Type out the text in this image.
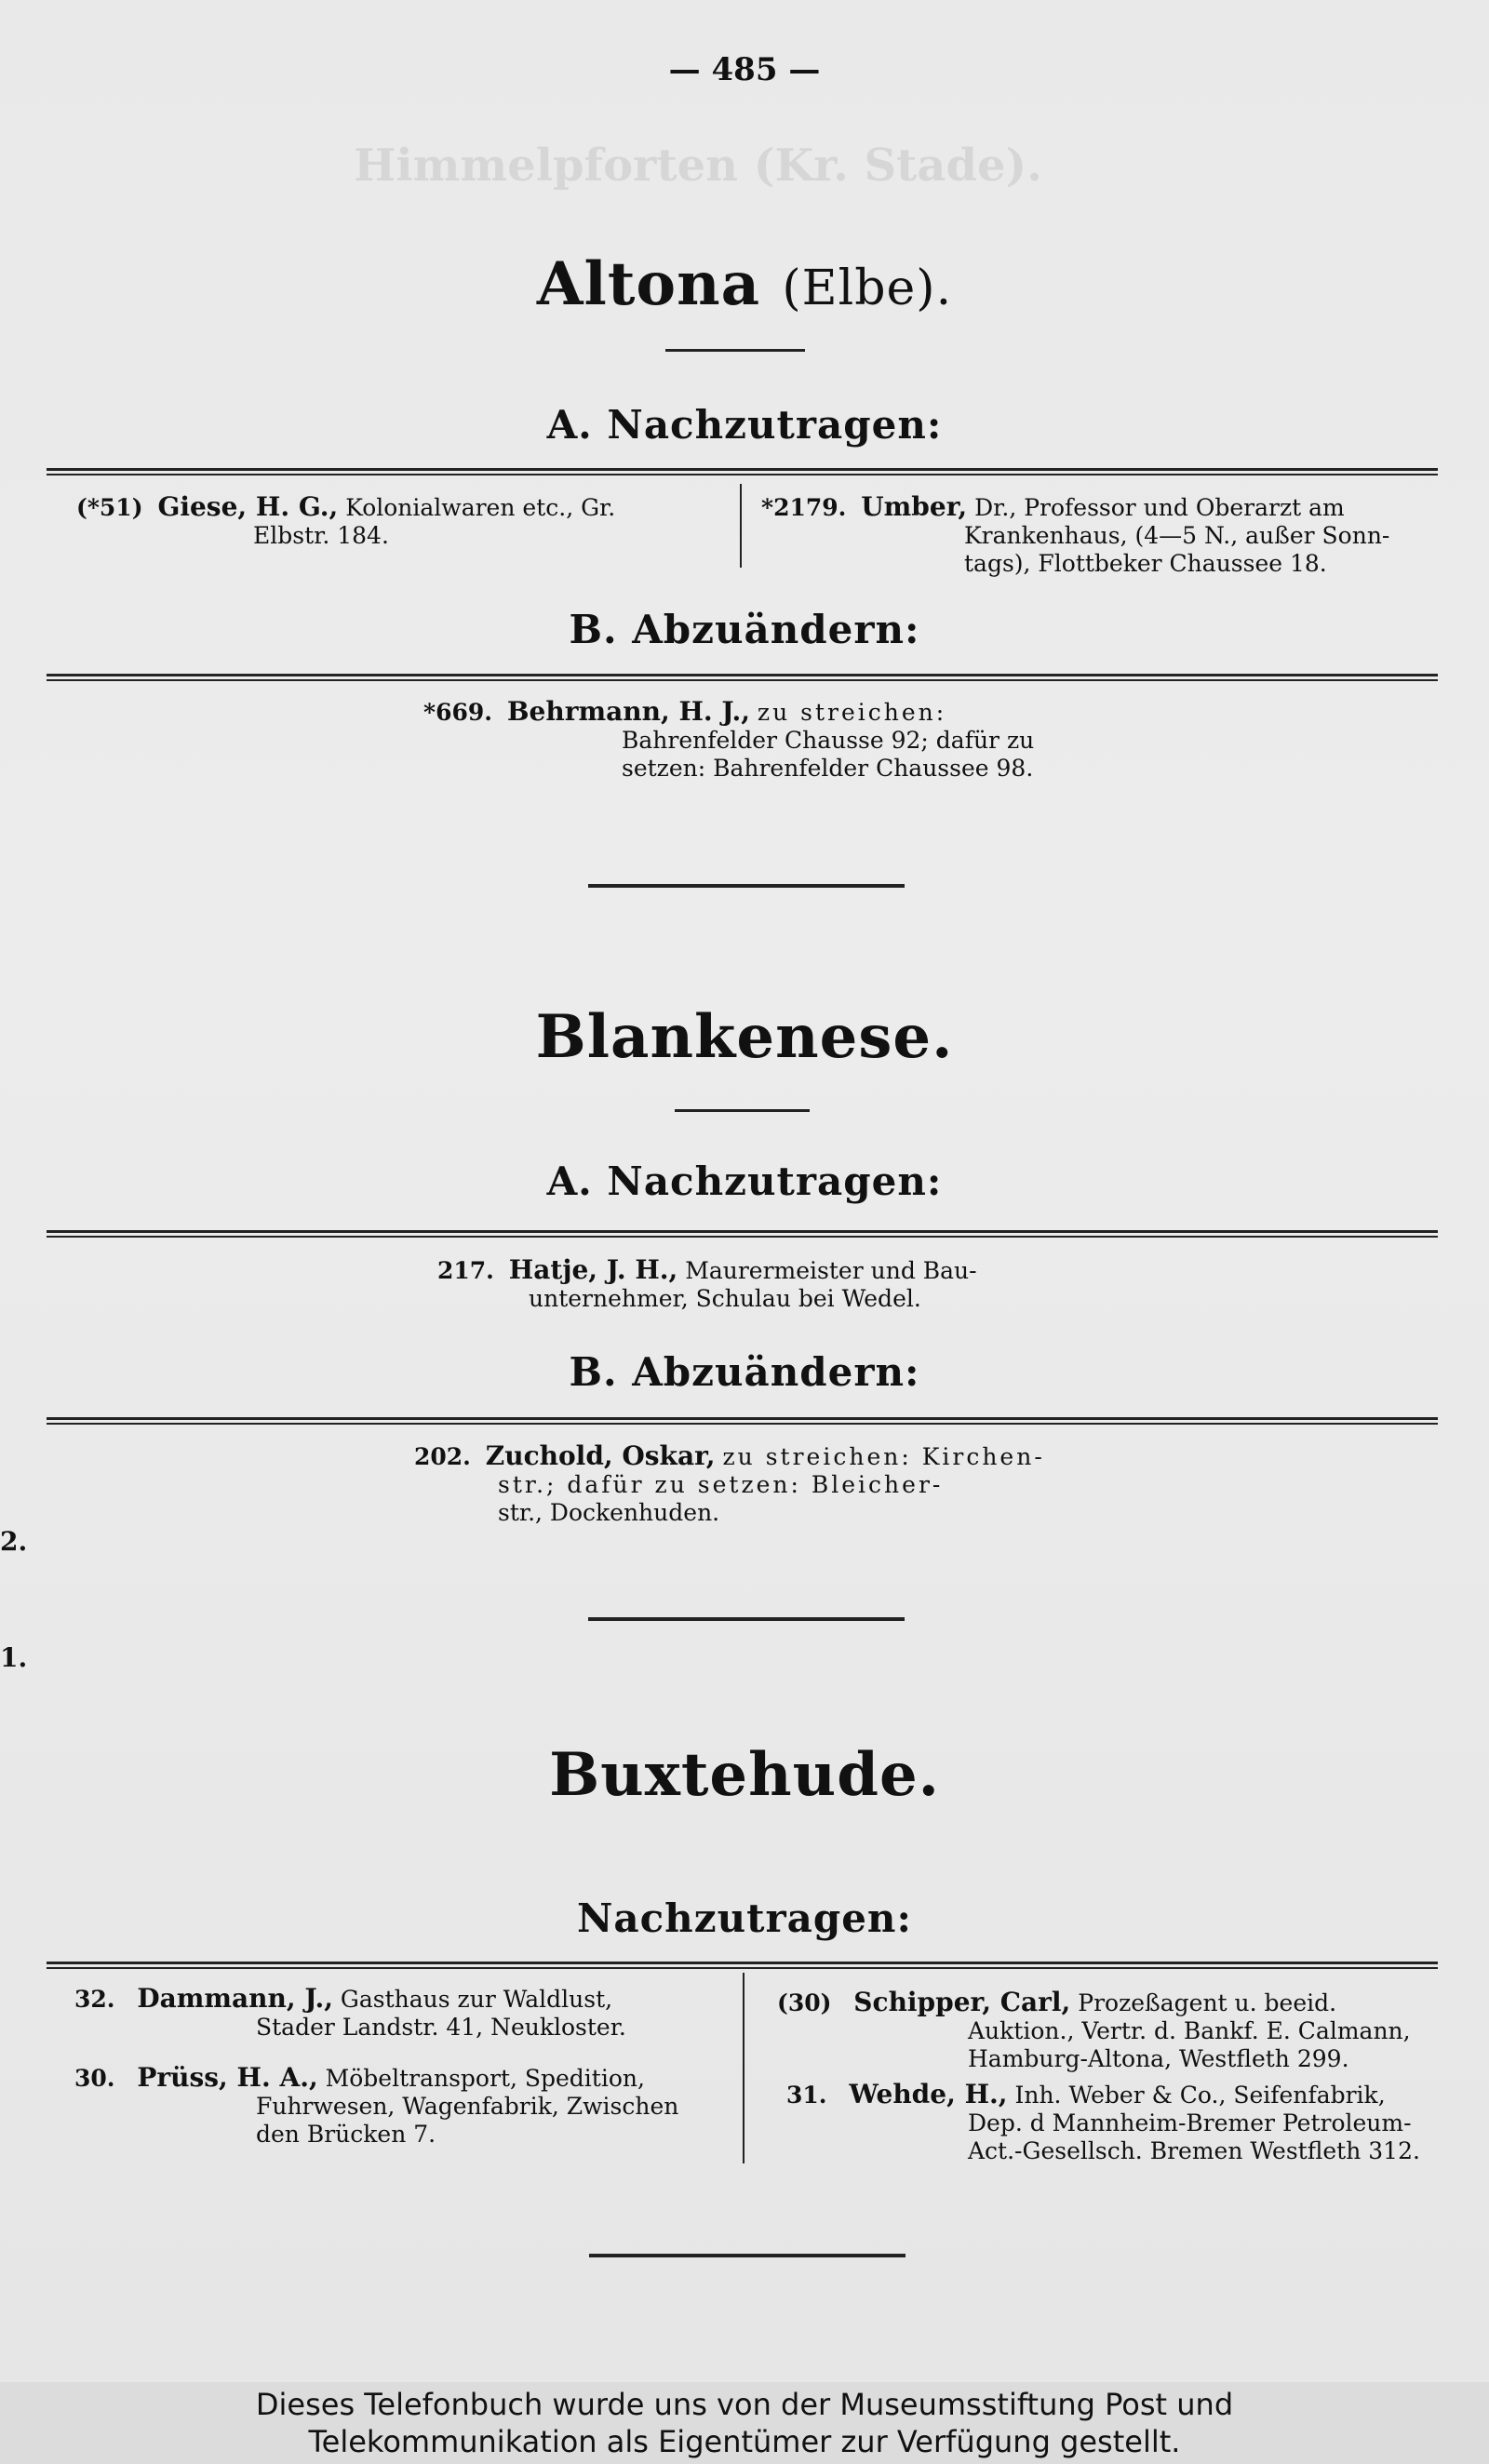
Himmelpforten (Kr. Stade).
— 485 —
Altona (Elbe).
A. Nachzutragen:
(*51) Giese, H. G., Kolonialwaren etc., Gr.
Elbstr. 184.
*2179. Umber, Dr., Professor und Oberarzt am
Krankenhaus, (4—5 N., außer Sonn-
tags), Flottbeker Chaussee 18.
B. Abzuändern:
*669. Behrmann, H. J., zu streichen:
Bahrenfelder Chausse 92; dafür zu
setzen: Bahrenfelder Chaussee 98.
Blankenese.
A. Nachzutragen:
217. Hatje, J. H., Maurermeister und Bau-
unternehmer, Schulau bei Wedel.
B. Abzuändern:
202. Zuchold, Oskar, zu streichen: Kirchen-
str.; dafür zu setzen: Bleicher-
str., Dockenhuden.
2.
1.
Buxtehude.
Nachzutragen:
32. Dammann, J., Gasthaus zur Waldlust,
Stader Landstr. 41, Neukloster.
30. Prüss, H. A., Möbeltransport, Spedition,
Fuhrwesen, Wagenfabrik, Zwischen
den Brücken 7.
(30) Schipper, Carl, Prozeßagent u. beeid.
Auktion., Vertr. d. Bankf. E. Calmann,
Hamburg-Altona, Westfleth 299.
31. Wehde, H., Inh. Weber & Co., Seifenfabrik,
Dep. d Mannheim-Bremer Petroleum-
Act.-Gesellsch. Bremen Westfleth 312.
Dieses Telefonbuch wurde uns von der Museumsstiftung Post und
Telekommunikation als Eigentümer zur Verfügung gestellt.
